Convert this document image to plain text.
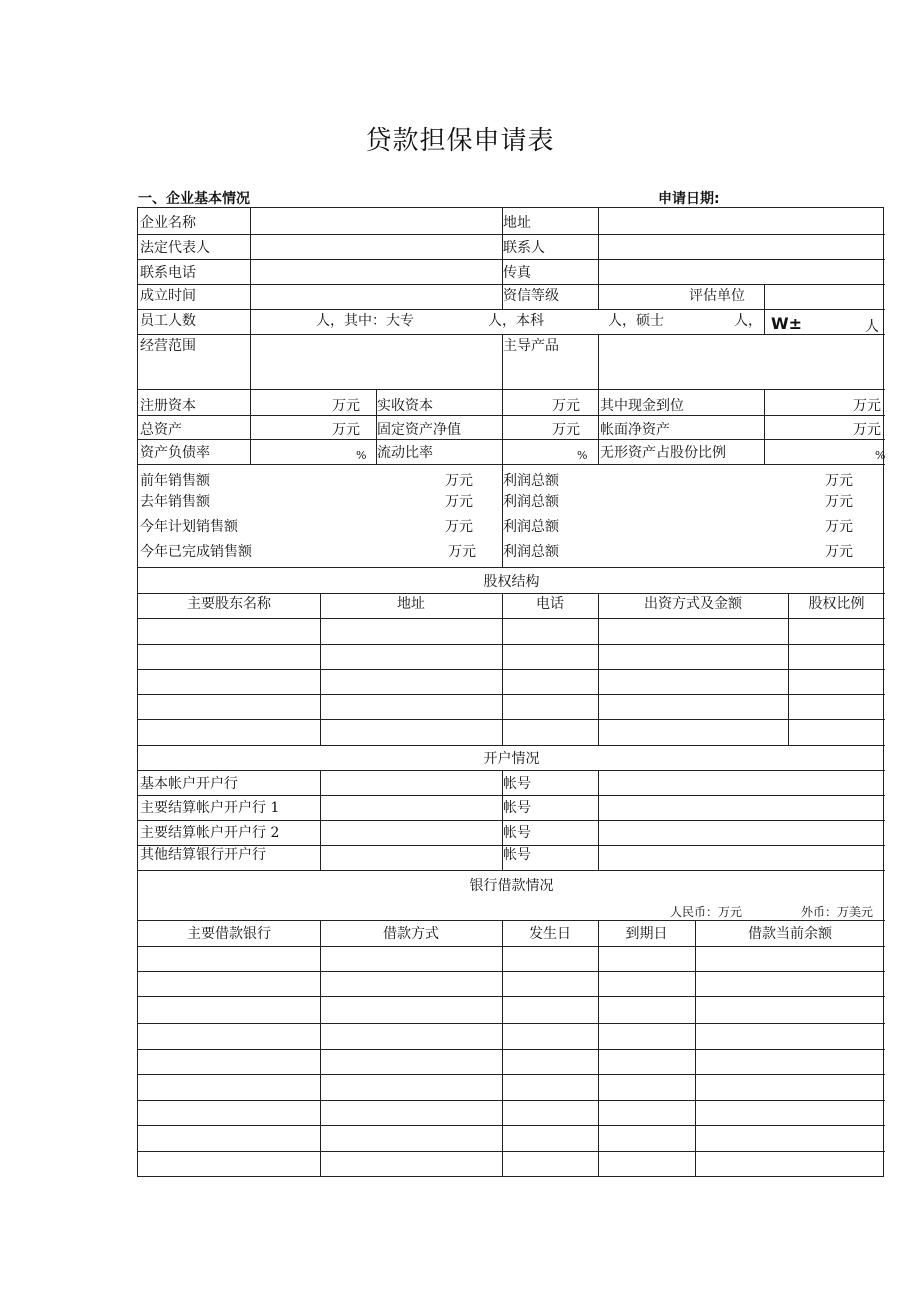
贷款担保申请表
一、企业基本情况	申请日期:
企业名称	地址
法定代表人	联系人
联系电话	传真
成立时间	资信等级	评估单位
员工人数	人，其中：大专	人，本科	人，硕士	人， W±	人
经营范围	主导产品
注册资本	万元 实收资本	万元 其中现金到位	万元
总资产	万元 固定资产净值	万元 帐面净资产	万元
资产负债率	% 流动比率	% 无形资产占股份比例	%
前年销售额	万元 利润总额	万元
去年销售额	万元 利润总额	万元
今年计划销售额	万元 利润总额	万元
今年已完成销售额	万元 利润总额	万元
股权结构
主要股东名称	地址	电话	出资方式及金额	股权比例
开户情况
基本帐户开户行	帐号
主要结算帐户开户行 1	帐号
主要结算帐户开户行 2	帐号
其他结算银行开户行	帐号
银行借款情况
人民币：万元	外币：万美元
主要借款银行	借款方式	发生日	到期日	借款当前余额
